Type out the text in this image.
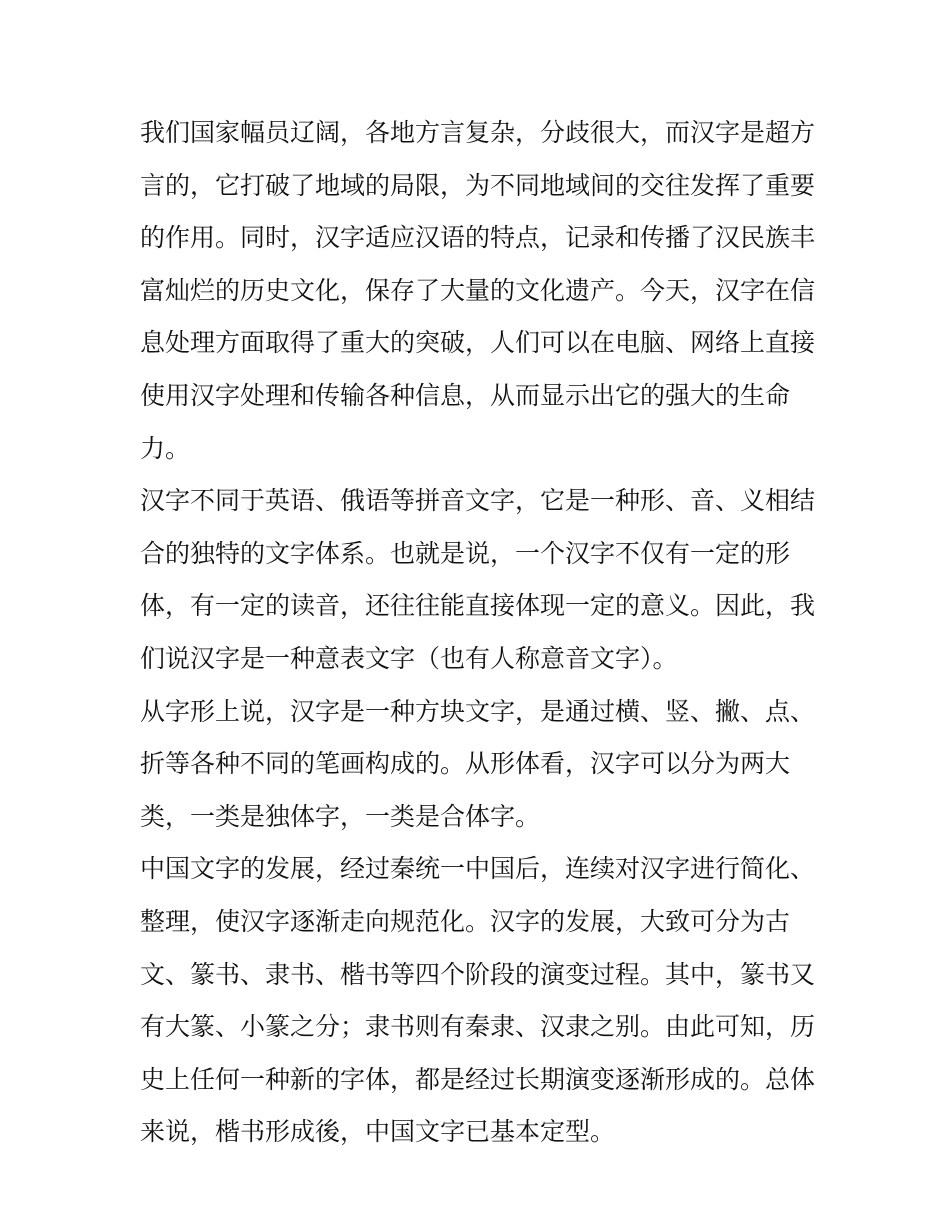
我们国家幅员辽阔，各地方言复杂，分歧很大，而汉字是超方
言的，它打破了地域的局限，为不同地域间的交往发挥了重要
的作用。同时，汉字适应汉语的特点，记录和传播了汉民族丰
富灿烂的历史文化，保存了大量的文化遗产。今天，汉字在信
息处理方面取得了重大的突破，人们可以在电脑、网络上直接
使用汉字处理和传输各种信息，从而显示出它的强大的生命
力。
汉字不同于英语、俄语等拼音文字，它是一种形、音、义相结
合的独特的文字体系。也就是说，一个汉字不仅有一定的形
体，有一定的读音，还往往能直接体现一定的意义。因此，我
们说汉字是一种意表文字（也有人称意音文字）。
从字形上说，汉字是一种方块文字，是通过横、竖、撇、点、
折等各种不同的笔画构成的。从形体看，汉字可以分为两大
类，一类是独体字，一类是合体字。
中国文字的发展，经过秦统一中国后，连续对汉字进行简化、
整理，使汉字逐渐走向规范化。汉字的发展，大致可分为古
文、篆书、隶书、楷书等四个阶段的演变过程。其中，篆书又
有大篆、小篆之分；隶书则有秦隶、汉隶之别。由此可知，历
史上任何一种新的字体，都是经过长期演变逐渐形成的。总体
来说，楷书形成後，中国文字已基本定型。
